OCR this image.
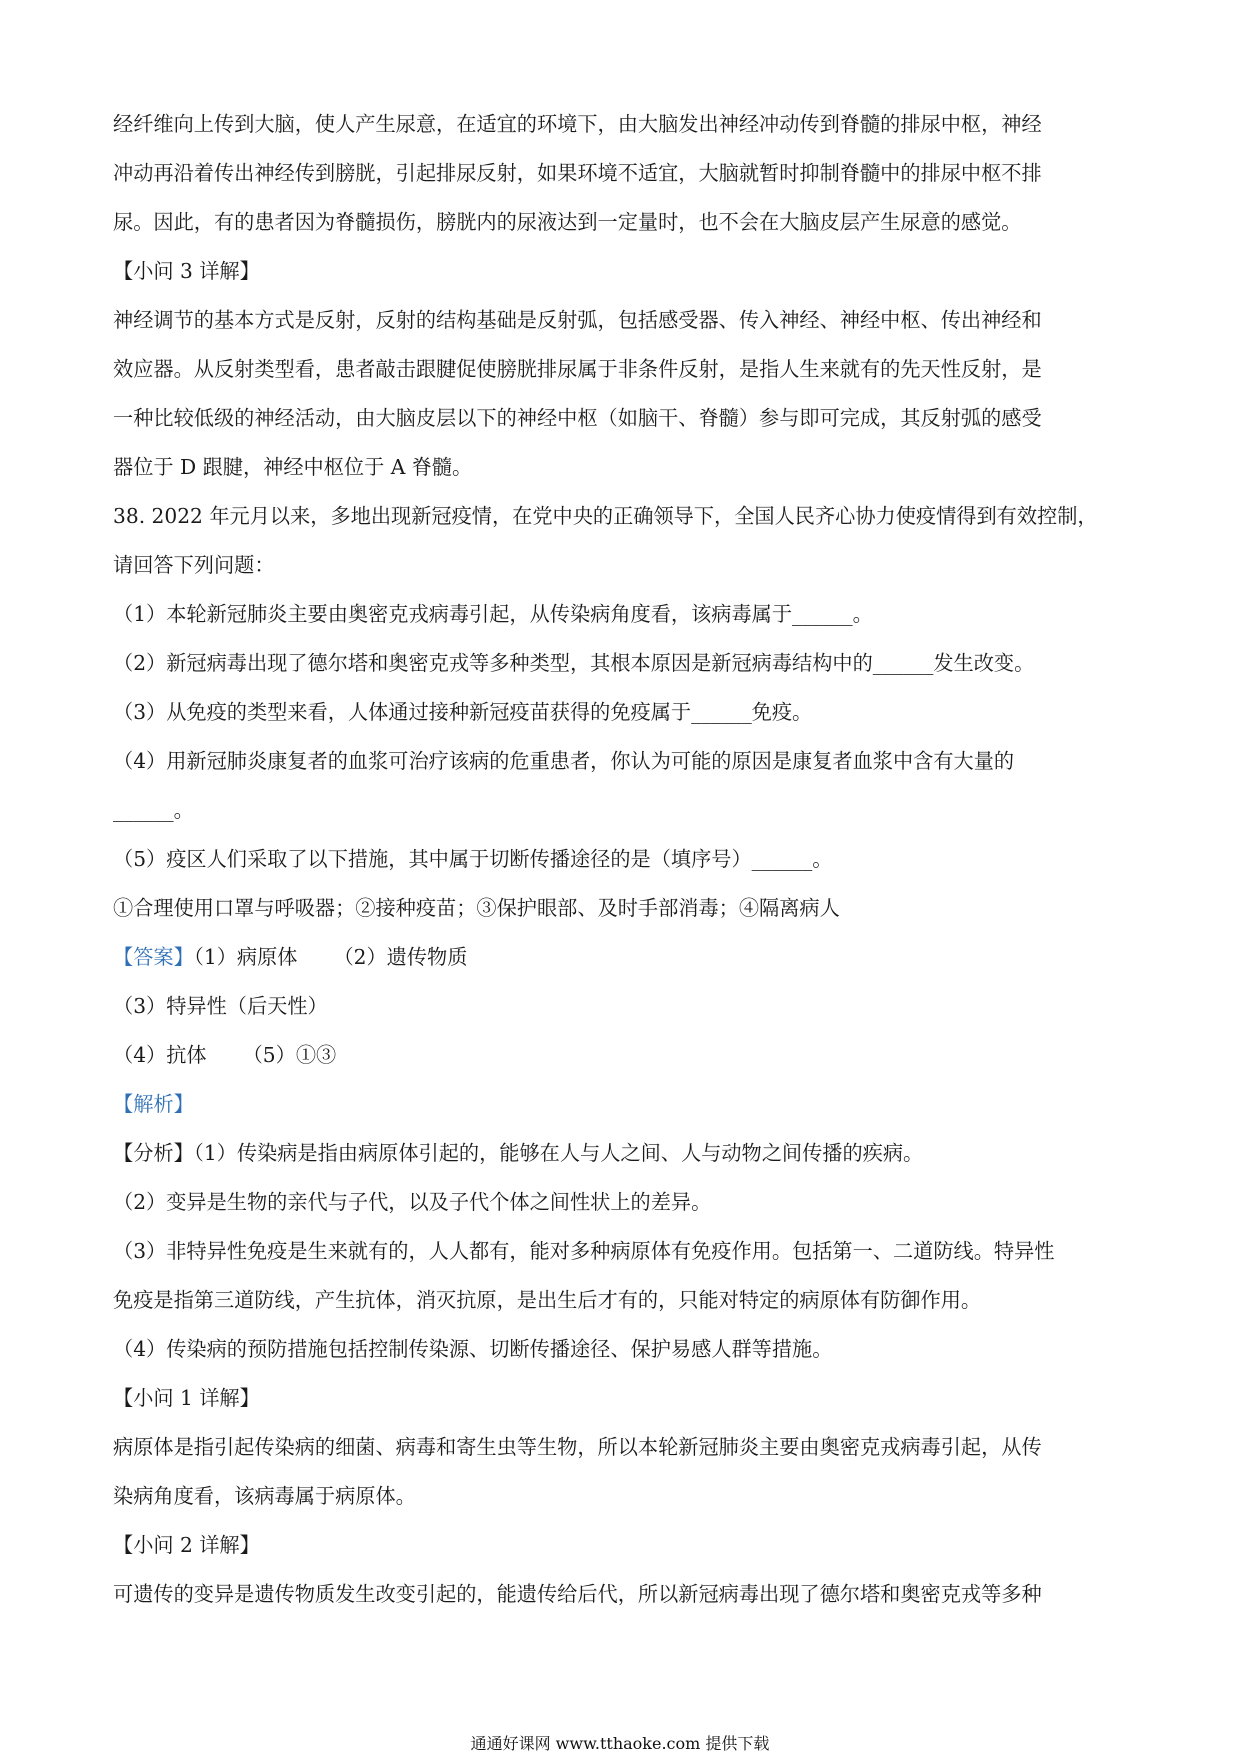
经纤维向上传到大脑，使人产生尿意，在适宜的环境下，由大脑发出神经冲动传到脊髓的排尿中枢，神经
冲动再沿着传出神经传到膀胱，引起排尿反射，如果环境不适宜，大脑就暂时抑制脊髓中的排尿中枢不排
尿。因此，有的患者因为脊髓损伤，膀胱内的尿液达到一定量时，也不会在大脑皮层产生尿意的感觉。
【小问 3 详解】
神经调节的基本方式是反射，反射的结构基础是反射弧，包括感受器、传入神经、神经中枢、传出神经和
效应器。从反射类型看，患者敲击跟腱促使膀胱排尿属于非条件反射，是指人生来就有的先天性反射，是
一种比较低级的神经活动，由大脑皮层以下的神经中枢（如脑干、脊髓）参与即可完成，其反射弧的感受
器位于 D 跟腱，神经中枢位于 A 脊髓。
38. 2022 年元月以来，多地出现新冠疫情，在党中央的正确领导下，全国人民齐心协力使疫情得到有效控制，
请回答下列问题：
（1）本轮新冠肺炎主要由奥密克戎病毒引起，从传染病角度看，该病毒属于______。
（2）新冠病毒出现了德尔塔和奥密克戎等多种类型，其根本原因是新冠病毒结构中的______发生改变。
（3）从免疫的类型来看，人体通过接种新冠疫苗获得的免疫属于______免疫。
（4）用新冠肺炎康复者的血浆可治疗该病的危重患者，你认为可能的原因是康复者血浆中含有大量的
______。
（5）疫区人们采取了以下措施，其中属于切断传播途径的是（填序号）______。
①合理使用口罩与呼吸器；②接种疫苗；③保护眼部、及时手部消毒；④隔离病人
【答案】（1）病原体 （2）遗传物质
（3）特异性（后天性）
（4）抗体 （5）①③
【解析】
【分析】（1）传染病是指由病原体引起的，能够在人与人之间、人与动物之间传播的疾病。
（2）变异是生物的亲代与子代，以及子代个体之间性状上的差异。
（3）非特异性免疫是生来就有的，人人都有，能对多种病原体有免疫作用。包括第一、二道防线。特异性
免疫是指第三道防线，产生抗体，消灭抗原，是出生后才有的，只能对特定的病原体有防御作用。
（4）传染病的预防措施包括控制传染源、切断传播途径、保护易感人群等措施。
【小问 1 详解】
病原体是指引起传染病的细菌、病毒和寄生虫等生物，所以本轮新冠肺炎主要由奥密克戎病毒引起，从传
染病角度看，该病毒属于病原体。
【小问 2 详解】
可遗传的变异是遗传物质发生改变引起的，能遗传给后代，所以新冠病毒出现了德尔塔和奥密克戎等多种
通通好课网 www.tthaoke.com 提供下载
